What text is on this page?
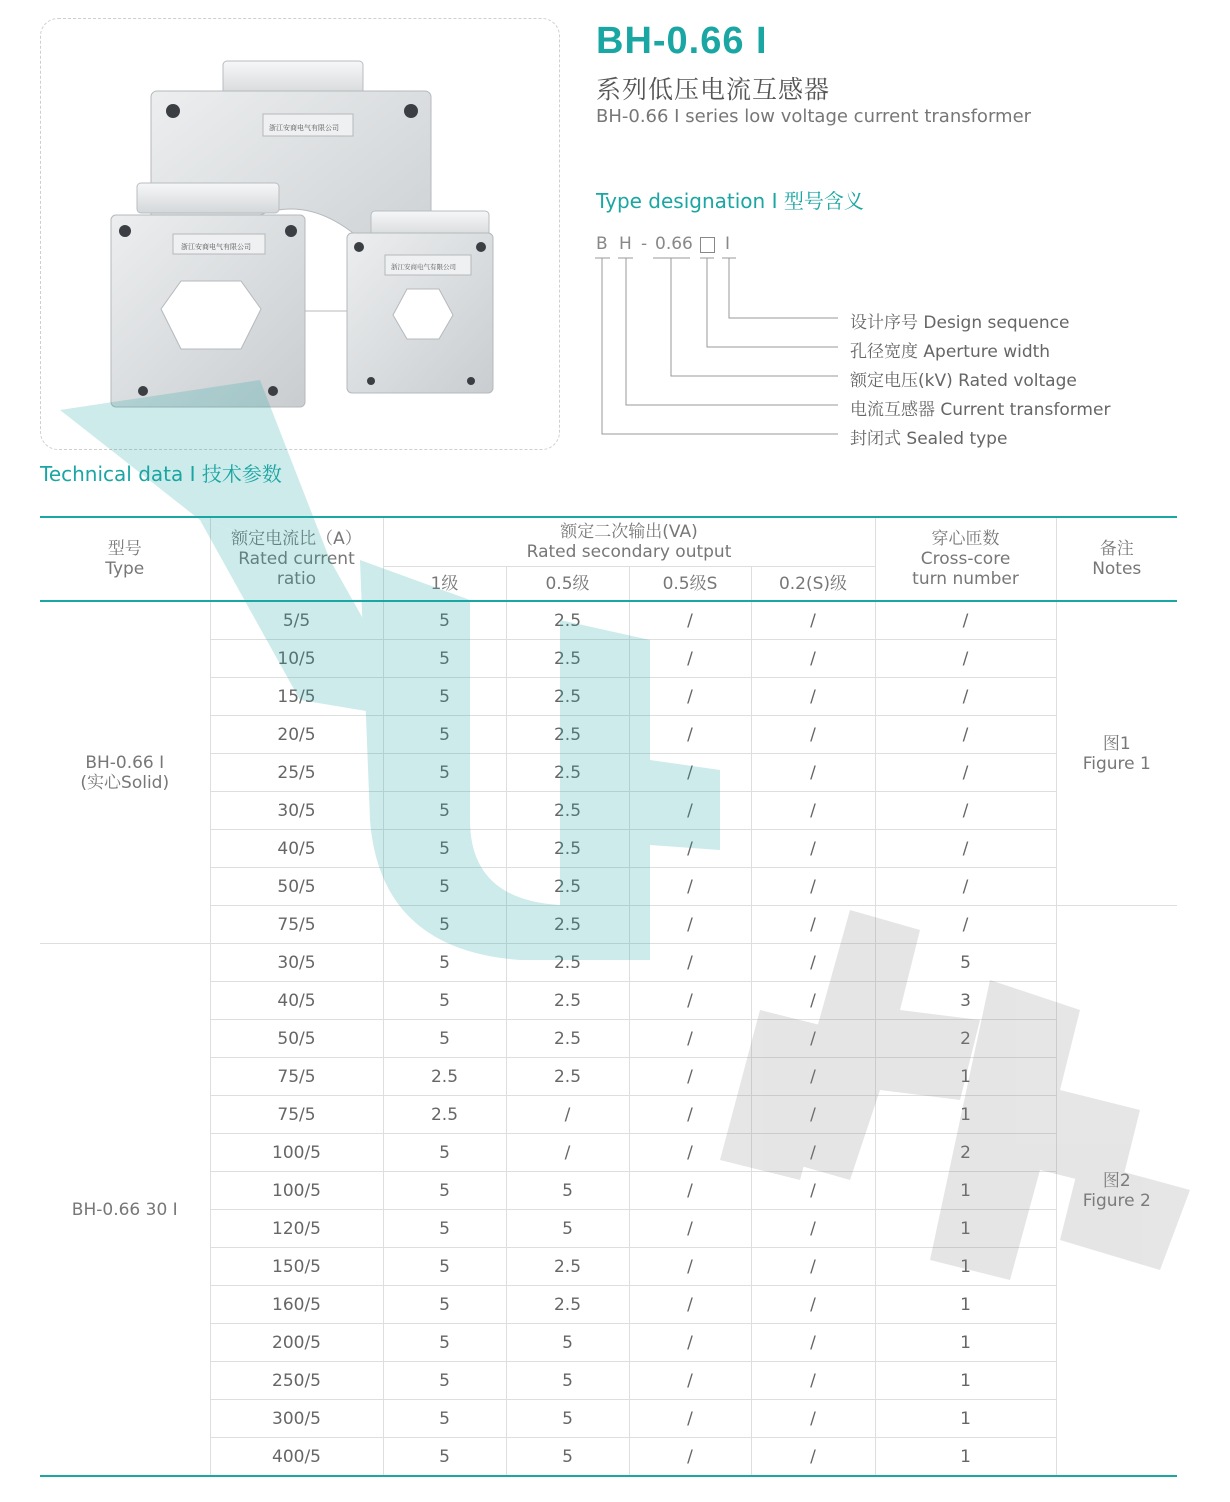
浙江安商电气有限公司
浙江安商电气有限公司
浙江安商电气有限公司
BH-0.66 I
系列低压电流互感器
BH-0.66 I series low voltage current transformer
Type designation I 型号含义
B H - 0.66 I
设计序号 Design sequence
孔径宽度 Aperture width
额定电压(kV) Rated voltage
电流互感器 Current transformer
封闭式 Sealed type
Technical data I 技术参数
型号
Type	额定电流比（A）
Rated current
ratio	额定二次输出(VA)
Rated secondary output				穿心匝数
Cross-core
turn number	备注
Notes

		1级	0.5级	0.5级S	0.2(S)级		

BH-0.66 I
(实心Solid)	5/5	5	2.5	/	/	/	图1
Figure 1

	10/5	5	2.5	/	/	/	
	15/5	5	2.5	/	/	/	
	20/5	5	2.5	/	/	/	
	25/5	5	2.5	/	/	/	
	30/5	5	2.5	/	/	/	
	40/5	5	2.5	/	/	/	
	50/5	5	2.5	/	/	/	
	75/5	5	2.5	/	/	/	图2
Figure 2

BH-0.66 30 I	30/5	5	2.5	/	/	5	
	40/5	5	2.5	/	/	3	
	50/5	5	2.5	/	/	2	
	75/5	2.5	2.5	/	/	1	
	75/5	2.5	/	/	/	1	
	100/5	5	/	/	/	2	
	100/5	5	5	/	/	1	
	120/5	5	5	/	/	1	
	150/5	5	2.5	/	/	1	
	160/5	5	2.5	/	/	1	
	200/5	5	5	/	/	1	
	250/5	5	5	/	/	1	
	300/5	5	5	/	/	1	
	400/5	5	5	/	/	1	
